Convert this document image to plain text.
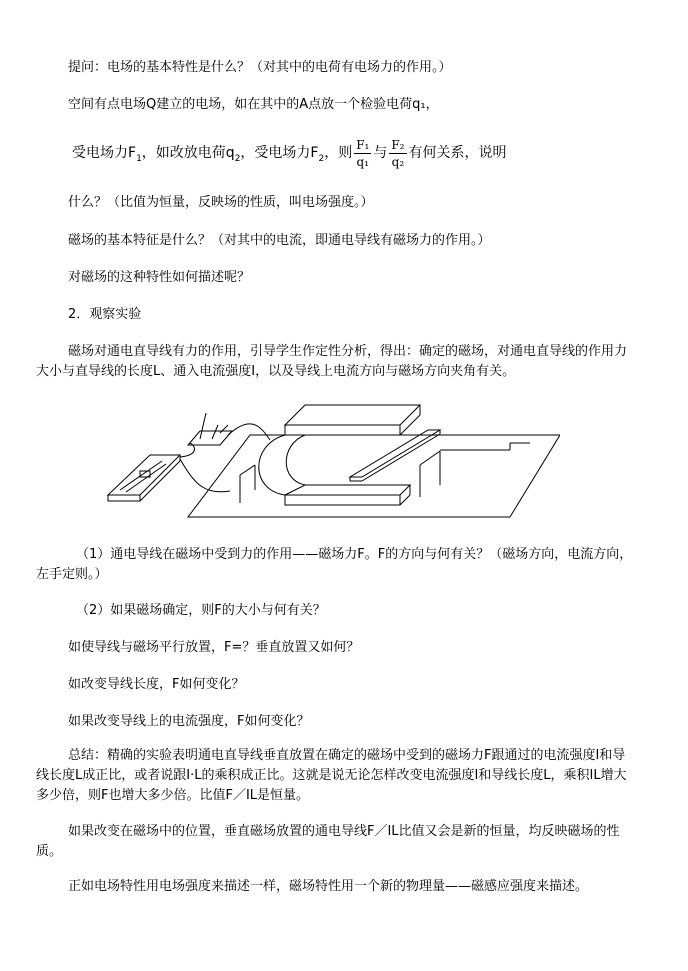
提问：电场的基本特性是什么？（对其中的电荷有电场力的作用。）
空间有点电场Q建立的电场，如在其中的A点放一个检验电荷q₁，
受电场力$F_1$，如改放电荷$q_2$，受电场力$F_2$，则 $\frac{\text{F₁}}{\text{q₁}}$ 与 $\frac{\text{F₂}}{\text{q₂}}$ 有何关系，说明
什么？（比值为恒量，反映场的性质，叫电场强度。）
磁场的基本特征是什么？（对其中的电流，即通电导线有磁场力的作用。）
对磁场的这种特性如何描述呢？
2．观察实验
磁场对通电直导线有力的作用，引导学生作定性分析，得出：确定的磁场，对通电直导线的作用力大小与直导线的长度L、通入电流强度I，以及导线上电流方向与磁场方向夹角有关。
（1）通电导线在磁场中受到力的作用——磁场力F。F的方向与何有关？（磁场方向，电流方向，左手定则。）
（2）如果磁场确定，则F的大小与何有关？
如使导线与磁场平行放置，F=？垂直放置又如何？
如改变导线长度，F如何变化？
如果改变导线上的电流强度，F如何变化？
总结：精确的实验表明通电直导线垂直放置在确定的磁场中受到的磁场力F跟通过的电流强度I和导线长度L成正比，或者说跟I·L的乘积成正比。这就是说无论怎样改变电流强度I和导线长度L，乘积IL增大多少倍，则F也增大多少倍。比值F／IL是恒量。
如果改变在磁场中的位置，垂直磁场放置的通电导线F／IL比值又会是新的恒量，均反映磁场的性质。
正如电场特性用电场强度来描述一样，磁场特性用一个新的物理量——磁感应强度来描述。
